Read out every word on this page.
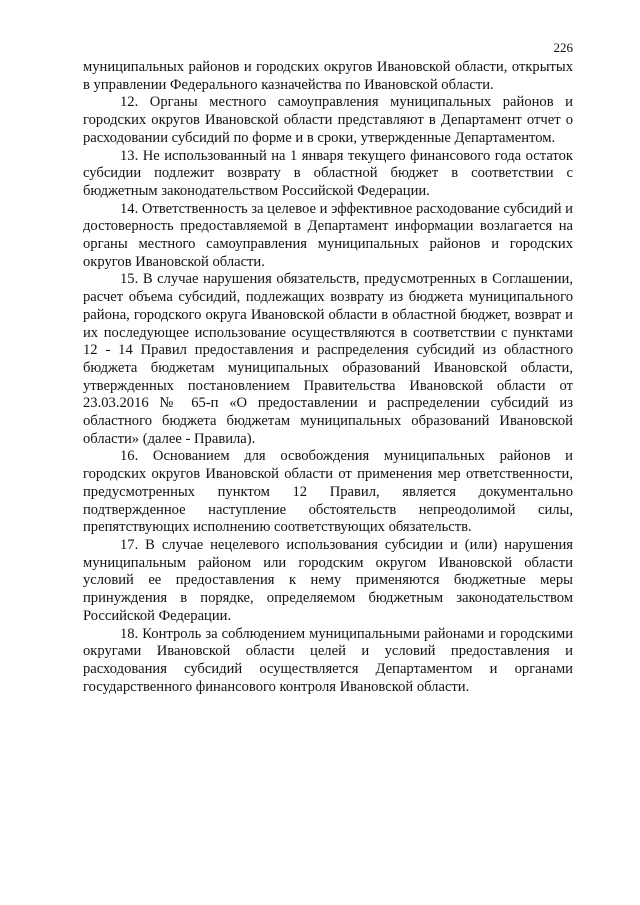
226

муниципальных районов и городских округов Ивановской области, открытых в управлении Федерального казначейства по Ивановской области.

12. Органы местного самоуправления муниципальных районов и городских округов Ивановской области представляют в Департамент отчет о расходовании субсидий по форме и в сроки, утвержденные Департаментом.

13. Не использованный на 1 января текущего финансового года остаток субсидии подлежит возврату в областной бюджет в соответствии с бюджетным законодательством Российской Федерации.

14. Ответственность за целевое и эффективное расходование субсидий и достоверность предоставляемой в Департамент информации возлагается на органы местного самоуправления муниципальных районов и городских округов Ивановской области.

15. В случае нарушения обязательств, предусмотренных в Соглашении, расчет объема субсидий, подлежащих возврату из бюджета муниципального района, городского округа Ивановской области в областной бюджет, возврат и их последующее использование осуществляются в соответствии с пунктами 12 - 14 Правил предоставления и распределения субсидий из областного бюджета бюджетам муниципальных образований Ивановской области, утвержденных постановлением Правительства Ивановской области от 23.03.2016 № 65-п «О предоставлении и распределении субсидий из областного бюджета бюджетам муниципальных образований Ивановской области» (далее - Правила).

16. Основанием для освобождения муниципальных районов и городских округов Ивановской области от применения мер ответственности, предусмотренных пунктом 12 Правил, является документально подтвержденное наступление обстоятельств непреодолимой силы, препятствующих исполнению соответствующих обязательств.

17. В случае нецелевого использования субсидии и (или) нарушения муниципальным районом или городским округом Ивановской области условий ее предоставления к нему применяются бюджетные меры принуждения в порядке, определяемом бюджетным законодательством Российской Федерации.

18. Контроль за соблюдением муниципальными районами и городскими округами Ивановской области целей и условий предоставления и расходования субсидий осуществляется Департаментом и органами государственного финансового контроля Ивановской области.
